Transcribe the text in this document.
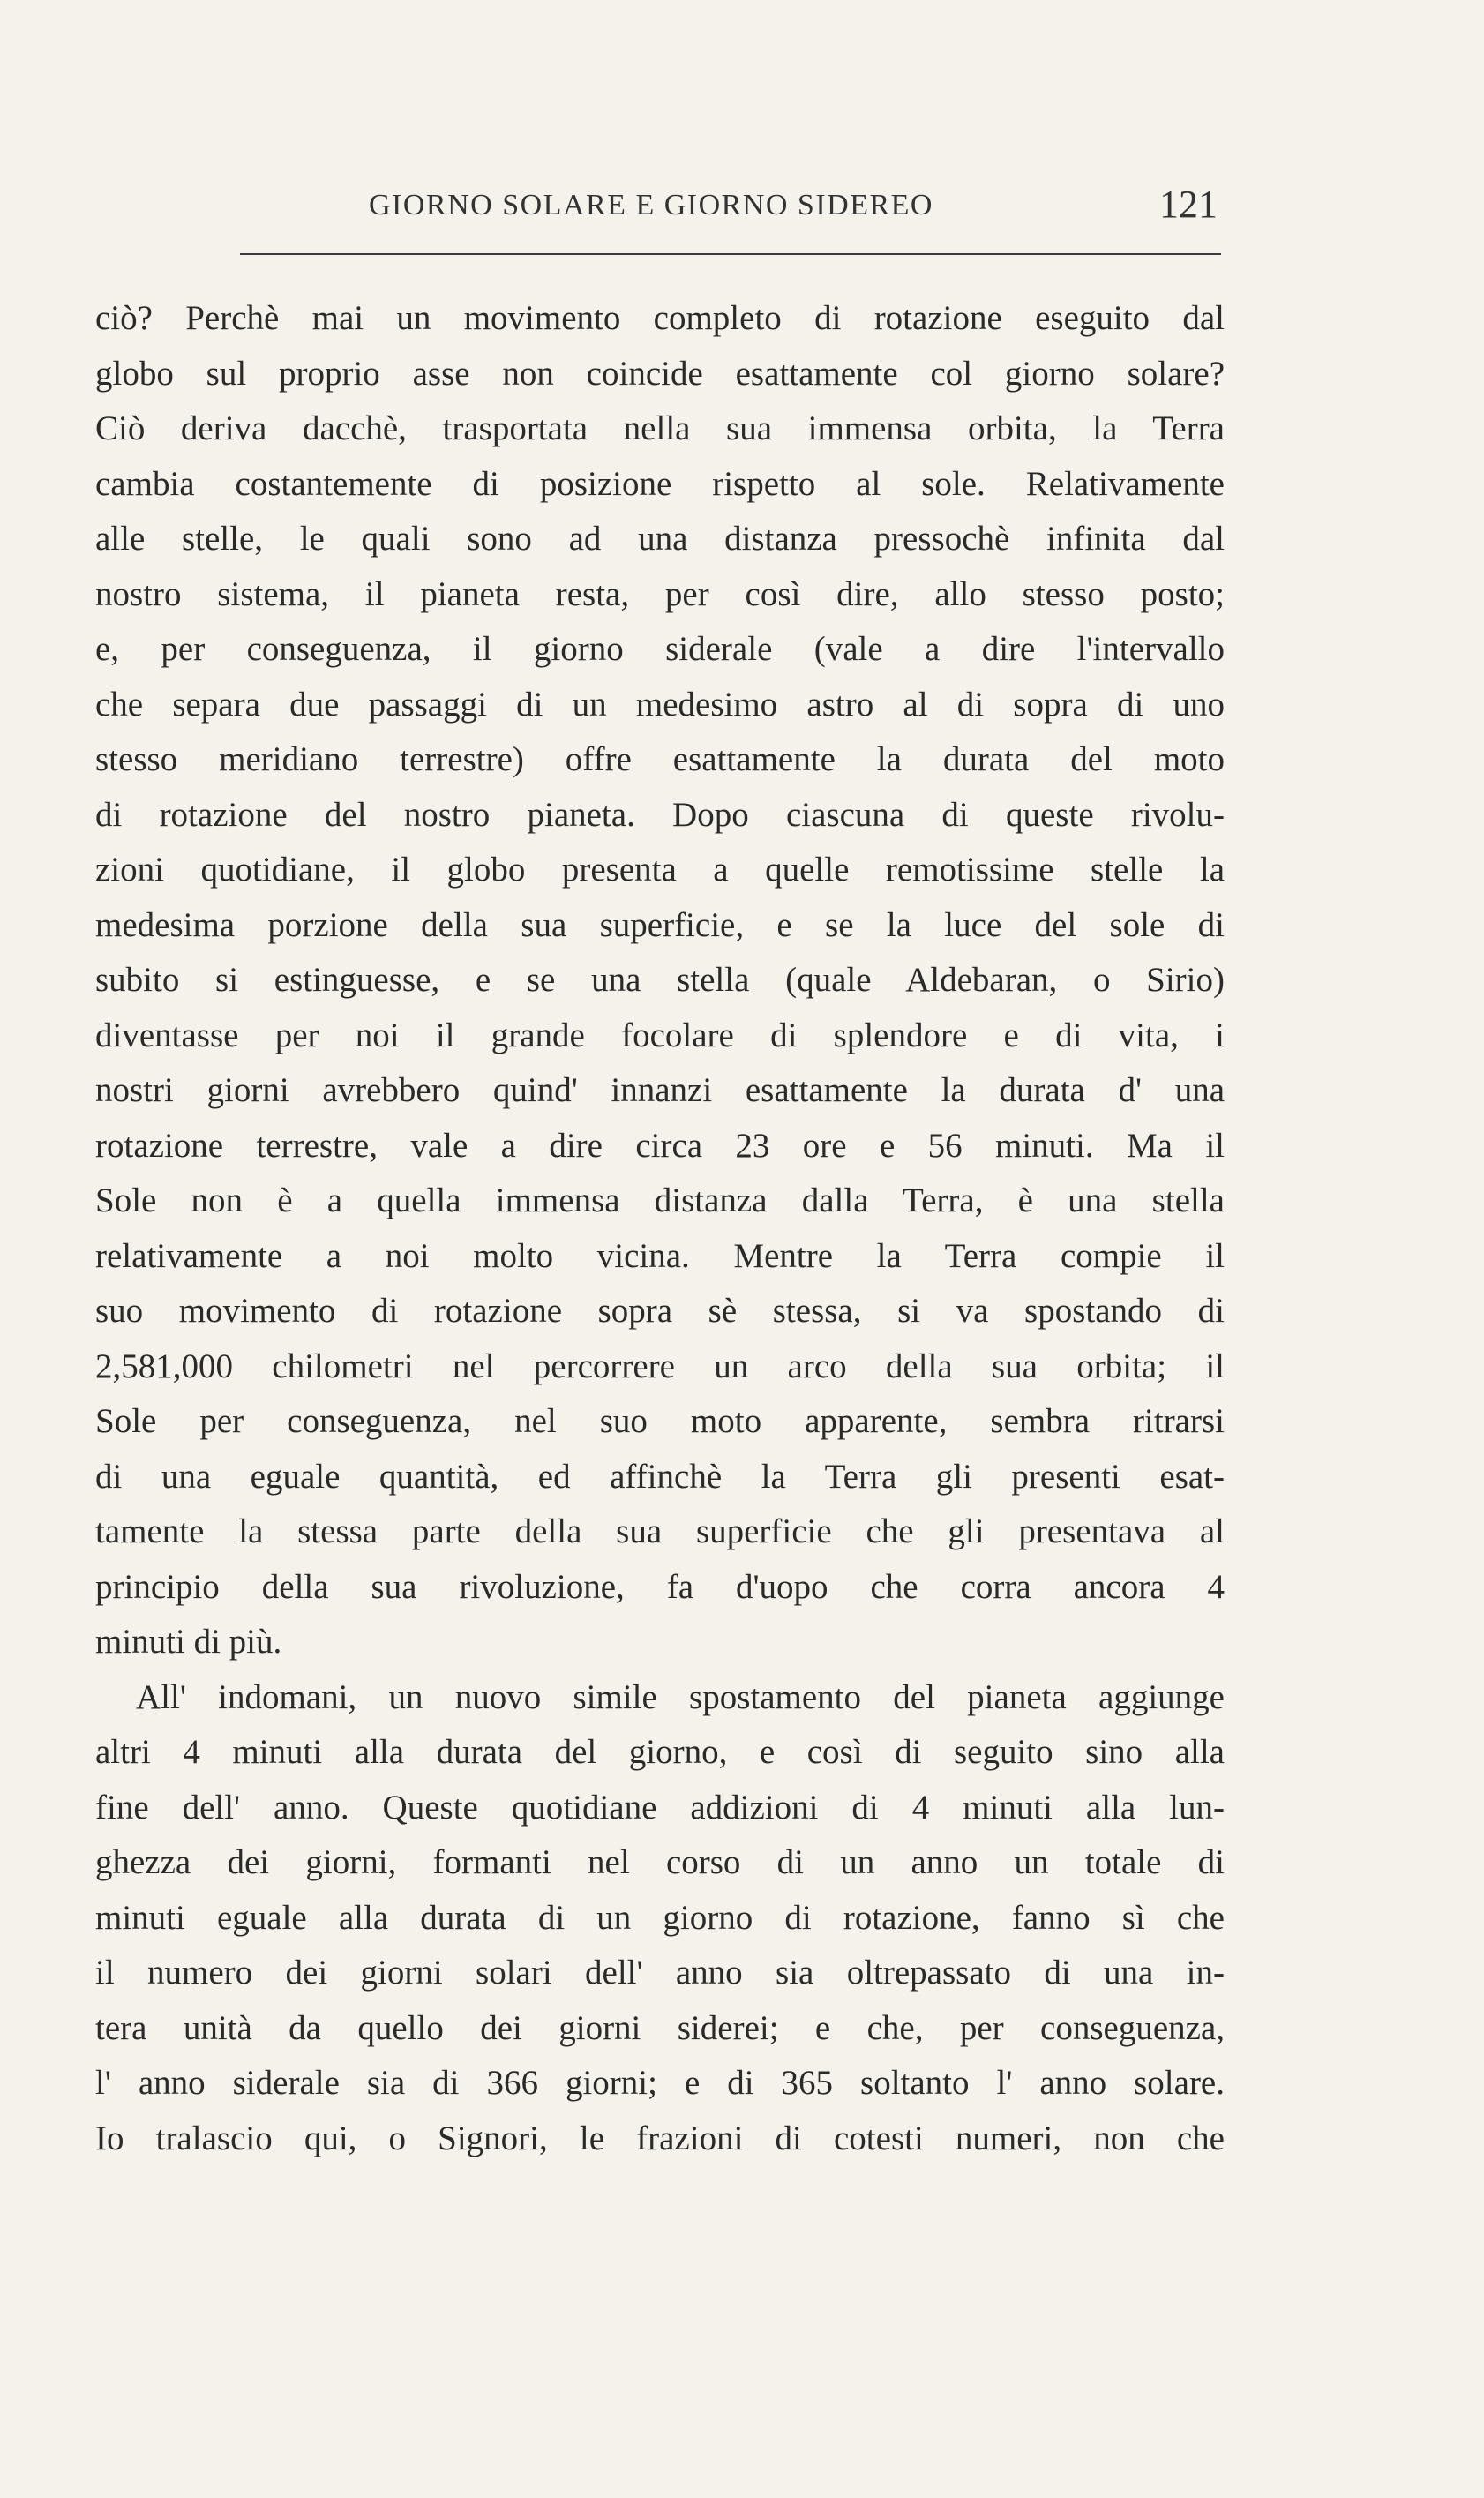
GIORNO SOLARE E GIORNO SIDEREO	121
ciò? Perchè mai un movimento completo di rotazione eseguito dal
globo sul proprio asse non coincide esattamente col giorno solare?
Ciò deriva dacchè, trasportata nella sua immensa orbita, la Terra
cambia costantemente di posizione rispetto al sole. Relativamente
alle stelle, le quali sono ad una distanza pressochè infinita dal
nostro sistema, il pianeta resta, per così dire, allo stesso posto;
e, per conseguenza, il giorno siderale (vale a dire l'intervallo
che separa due passaggi di un medesimo astro al di sopra di uno
stesso meridiano terrestre) offre esattamente la durata del moto
di rotazione del nostro pianeta. Dopo ciascuna di queste rivolu-
zioni quotidiane, il globo presenta a quelle remotissime stelle la
medesima porzione della sua superficie, e se la luce del sole di
subito si estinguesse, e se una stella (quale Aldebaran, o Sirio)
diventasse per noi il grande focolare di splendore e di vita, i
nostri giorni avrebbero quind' innanzi esattamente la durata d' una
rotazione terrestre, vale a dire circa 23 ore e 56 minuti. Ma il
Sole non è a quella immensa distanza dalla Terra, è una stella
relativamente a noi molto vicina. Mentre la Terra compie il
suo movimento di rotazione sopra sè stessa, si va spostando di
2,581,000 chilometri nel percorrere un arco della sua orbita; il
Sole per conseguenza, nel suo moto apparente, sembra ritrarsi
di una eguale quantità, ed affinchè la Terra gli presenti esat-
tamente la stessa parte della sua superficie che gli presentava al
principio della sua rivoluzione, fa d'uopo che corra ancora 4
minuti di più.
All' indomani, un nuovo simile spostamento del pianeta aggiunge
altri 4 minuti alla durata del giorno, e così di seguito sino alla
fine dell' anno. Queste quotidiane addizioni di 4 minuti alla lun-
ghezza dei giorni, formanti nel corso di un anno un totale di
minuti eguale alla durata di un giorno di rotazione, fanno sì che
il numero dei giorni solari dell' anno sia oltrepassato di una in-
tera unità da quello dei giorni siderei; e che, per conseguenza,
l' anno siderale sia di 366 giorni; e di 365 soltanto l' anno solare.
Io tralascio qui, o Signori, le frazioni di cotesti numeri, non che
